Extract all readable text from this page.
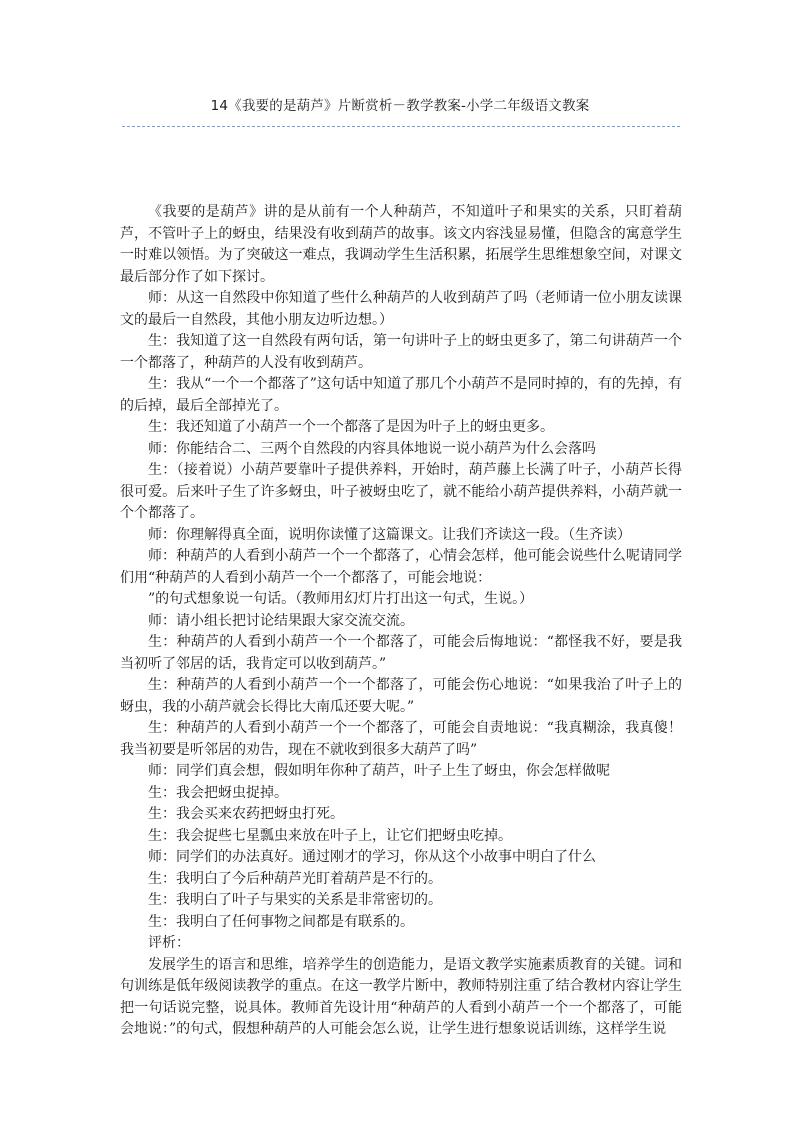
14《我要的是葫芦》片断赏析－教学教案-小学二年级语文教案

《我要的是葫芦》讲的是从前有一个人种葫芦，不知道叶子和果实的关系，只盯着葫芦，不管叶子上的蚜虫，结果没有收到葫芦的故事。该文内容浅显易懂，但隐含的寓意学生一时难以领悟。为了突破这一难点，我调动学生生活积累，拓展学生思维想象空间，对课文最后部分作了如下探讨。

师：从这一自然段中你知道了些什么种葫芦的人收到葫芦了吗（老师请一位小朋友读课文的最后一自然段，其他小朋友边听边想。）

生：我知道了这一自然段有两句话，第一句讲叶子上的蚜虫更多了，第二句讲葫芦一个一个都落了，种葫芦的人没有收到葫芦。

生：我从“一个一个都落了”这句话中知道了那几个小葫芦不是同时掉的，有的先掉，有的后掉，最后全部掉光了。

生：我还知道了小葫芦一个一个都落了是因为叶子上的蚜虫更多。

师：你能结合二、三两个自然段的内容具体地说一说小葫芦为什么会落吗

生：（接着说）小葫芦要靠叶子提供养料，开始时，葫芦藤上长满了叶子，小葫芦长得很可爱。后来叶子生了许多蚜虫，叶子被蚜虫吃了，就不能给小葫芦提供养料，小葫芦就一个个都落了。

师：你理解得真全面，说明你读懂了这篇课文。让我们齐读这一段。（生齐读）

师：种葫芦的人看到小葫芦一个一个都落了，心情会怎样，他可能会说些什么呢请同学们用“种葫芦的人看到小葫芦一个一个都落了，可能会地说：

”的句式想象说一句话。（教师用幻灯片打出这一句式，生说。）

师：请小组长把讨论结果跟大家交流交流。

生：种葫芦的人看到小葫芦一个一个都落了，可能会后悔地说：“都怪我不好，要是我当初听了邻居的话，我肯定可以收到葫芦。”

生：种葫芦的人看到小葫芦一个一个都落了，可能会伤心地说：“如果我治了叶子上的蚜虫，我的小葫芦就会长得比大南瓜还要大呢。”

生：种葫芦的人看到小葫芦一个一个都落了，可能会自责地说：“我真糊涂，我真傻！我当初要是听邻居的劝告，现在不就收到很多大葫芦了吗”

师：同学们真会想，假如明年你种了葫芦，叶子上生了蚜虫，你会怎样做呢

生：我会把蚜虫捉掉。

生：我会买来农药把蚜虫打死。

生：我会捉些七星瓢虫来放在叶子上，让它们把蚜虫吃掉。

师：同学们的办法真好。通过刚才的学习，你从这个小故事中明白了什么

生：我明白了今后种葫芦光盯着葫芦是不行的。

生：我明白了叶子与果实的关系是非常密切的。

生：我明白了任何事物之间都是有联系的。

评析：

发展学生的语言和思维，培养学生的创造能力，是语文教学实施素质教育的关键。词和句训练是低年级阅读教学的重点。在这一教学片断中，教师特别注重了结合教材内容让学生把一句话说完整，说具体。教师首先设计用“种葫芦的人看到小葫芦一个一个都落了，可能会地说：”的句式，假想种葫芦的人可能会怎么说，让学生进行想象说话训练，这样学生说
